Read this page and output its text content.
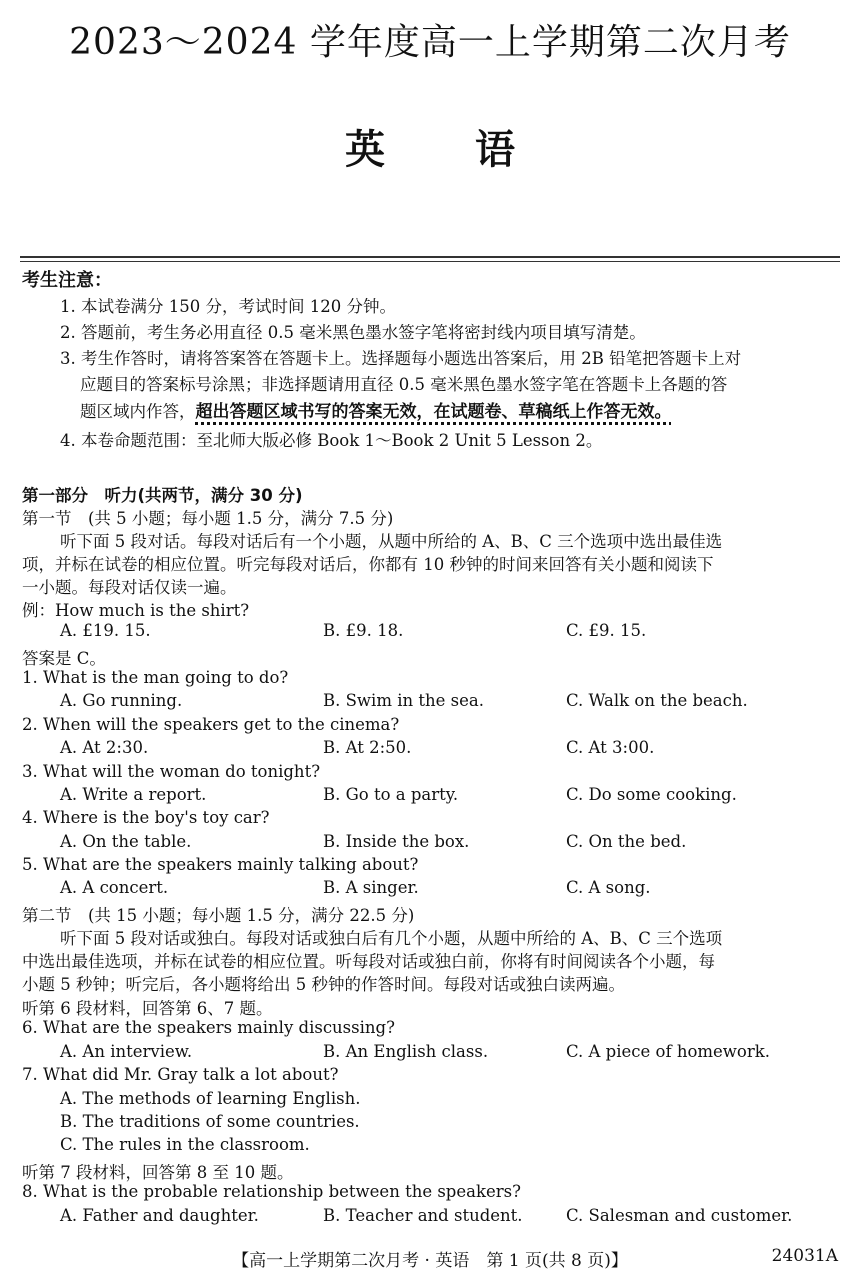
2023～2024 学年度高一上学期第二次月考
英语
考生注意：
1. 本试卷满分 150 分，考试时间 120 分钟。
2. 答题前，考生务必用直径 0.5 毫米黑色墨水签字笔将密封线内项目填写清楚。
3. 考生作答时，请将答案答在答题卡上。选择题每小题选出答案后，用 2B 铅笔把答题卡上对
应题目的答案标号涂黑；非选择题请用直径 0.5 毫米黑色墨水签字笔在答题卡上各题的答
题区域内作答，超出答题区域书写的答案无效，在试题卷、草稿纸上作答无效。
4. 本卷命题范围：至北师大版必修 Book 1～Book 2 Unit 5 Lesson 2。
第一部分　听力(共两节，满分 30 分)
第一节　(共 5 小题；每小题 1.5 分，满分 7.5 分)
听下面 5 段对话。每段对话后有一个小题，从题中所给的 A、B、C 三个选项中选出最佳选
项，并标在试卷的相应位置。听完每段对话后，你都有 10 秒钟的时间来回答有关小题和阅读下
一小题。每段对话仅读一遍。
例：How much is the shirt?
A. £19. 15.	B. £9. 18.	C. £9. 15.
答案是 C。
1. What is the man going to do?
A. Go running.	B. Swim in the sea.	C. Walk on the beach.
2. When will the speakers get to the cinema?
A. At 2:30.	B. At 2:50.	C. At 3:00.
3. What will the woman do tonight?
A. Write a report.	B. Go to a party.	C. Do some cooking.
4. Where is the boy's toy car?
A. On the table.	B. Inside the box.	C. On the bed.
5. What are the speakers mainly talking about?
A. A concert.	B. A singer.	C. A song.
第二节　(共 15 小题；每小题 1.5 分，满分 22.5 分)
听下面 5 段对话或独白。每段对话或独白后有几个小题，从题中所给的 A、B、C 三个选项
中选出最佳选项，并标在试卷的相应位置。听每段对话或独白前，你将有时间阅读各个小题，每
小题 5 秒钟；听完后，各小题将给出 5 秒钟的作答时间。每段对话或独白读两遍。
听第 6 段材料，回答第 6、7 题。
6. What are the speakers mainly discussing?
A. An interview.	B. An English class.	C. A piece of homework.
7. What did Mr. Gray talk a lot about?
A. The methods of learning English.
B. The traditions of some countries.
C. The rules in the classroom.
听第 7 段材料，回答第 8 至 10 题。
8. What is the probable relationship between the speakers?
A. Father and daughter.	B. Teacher and student.	C. Salesman and customer.
【高一上学期第二次月考 · 英语　第 1 页(共 8 页)】	24031A
